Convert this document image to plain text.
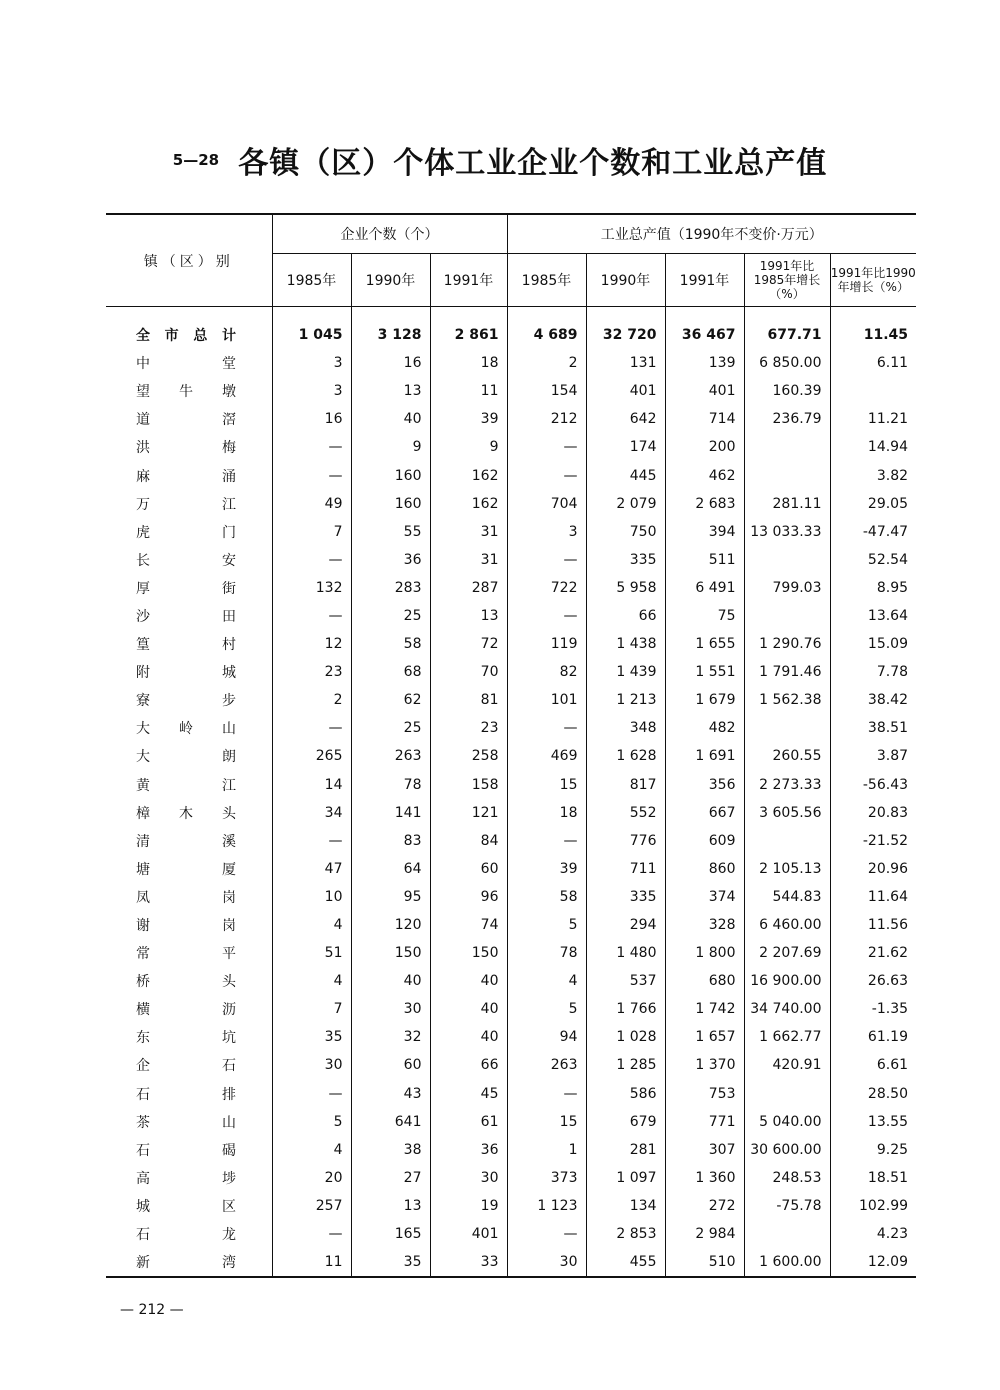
5—28 各镇（区）个体工业企业个数和工业总产值
镇（区）别	企业个数（个）			工业总产值（1990年不变价·万元）				
	1985年	1990年	1991年	1985年	1990年	1991年	1991年比1985年增长（%）	1991年比1990年增长（%）
全市总计	1 045	3 128	2 861	4 689	32 720	36 467	677.71	11.45
中堂	3	16	18	2	131	139	6 850.00	6.11
望牛墩	3	13	11	154	401	401	160.39	
道滘	16	40	39	212	642	714	236.79	11.21
洪梅	—	9	9	—	174	200		14.94
麻涌	—	160	162	—	445	462		3.82
万江	49	160	162	704	2 079	2 683	281.11	29.05
虎门	7	55	31	3	750	394	13 033.33	-47.47
长安	—	36	31	—	335	511		52.54
厚街	132	283	287	722	5 958	6 491	799.03	8.95
沙田	—	25	13	—	66	75		13.64
篁村	12	58	72	119	1 438	1 655	1 290.76	15.09
附城	23	68	70	82	1 439	1 551	1 791.46	7.78
寮步	2	62	81	101	1 213	1 679	1 562.38	38.42
大岭山	—	25	23	—	348	482		38.51
大朗	265	263	258	469	1 628	1 691	260.55	3.87
黄江	14	78	158	15	817	356	2 273.33	-56.43
樟木头	34	141	121	18	552	667	3 605.56	20.83
清溪	—	83	84	—	776	609		-21.52
塘厦	47	64	60	39	711	860	2 105.13	20.96
凤岗	10	95	96	58	335	374	544.83	11.64
谢岗	4	120	74	5	294	328	6 460.00	11.56
常平	51	150	150	78	1 480	1 800	2 207.69	21.62
桥头	4	40	40	4	537	680	16 900.00	26.63
横沥	7	30	40	5	1 766	1 742	34 740.00	-1.35
东坑	35	32	40	94	1 028	1 657	1 662.77	61.19
企石	30	60	66	263	1 285	1 370	420.91	6.61
石排	—	43	45	—	586	753		28.50
茶山	5	641	61	15	679	771	5 040.00	13.55
石碣	4	38	36	1	281	307	30 600.00	9.25
高埗	20	27	30	373	1 097	1 360	248.53	18.51
城区	257	13	19	1 123	134	272	-75.78	102.99
石龙	—	165	401	—	2 853	2 984		4.23
新湾	11	35	33	30	455	510	1 600.00	12.09
— 212 —
